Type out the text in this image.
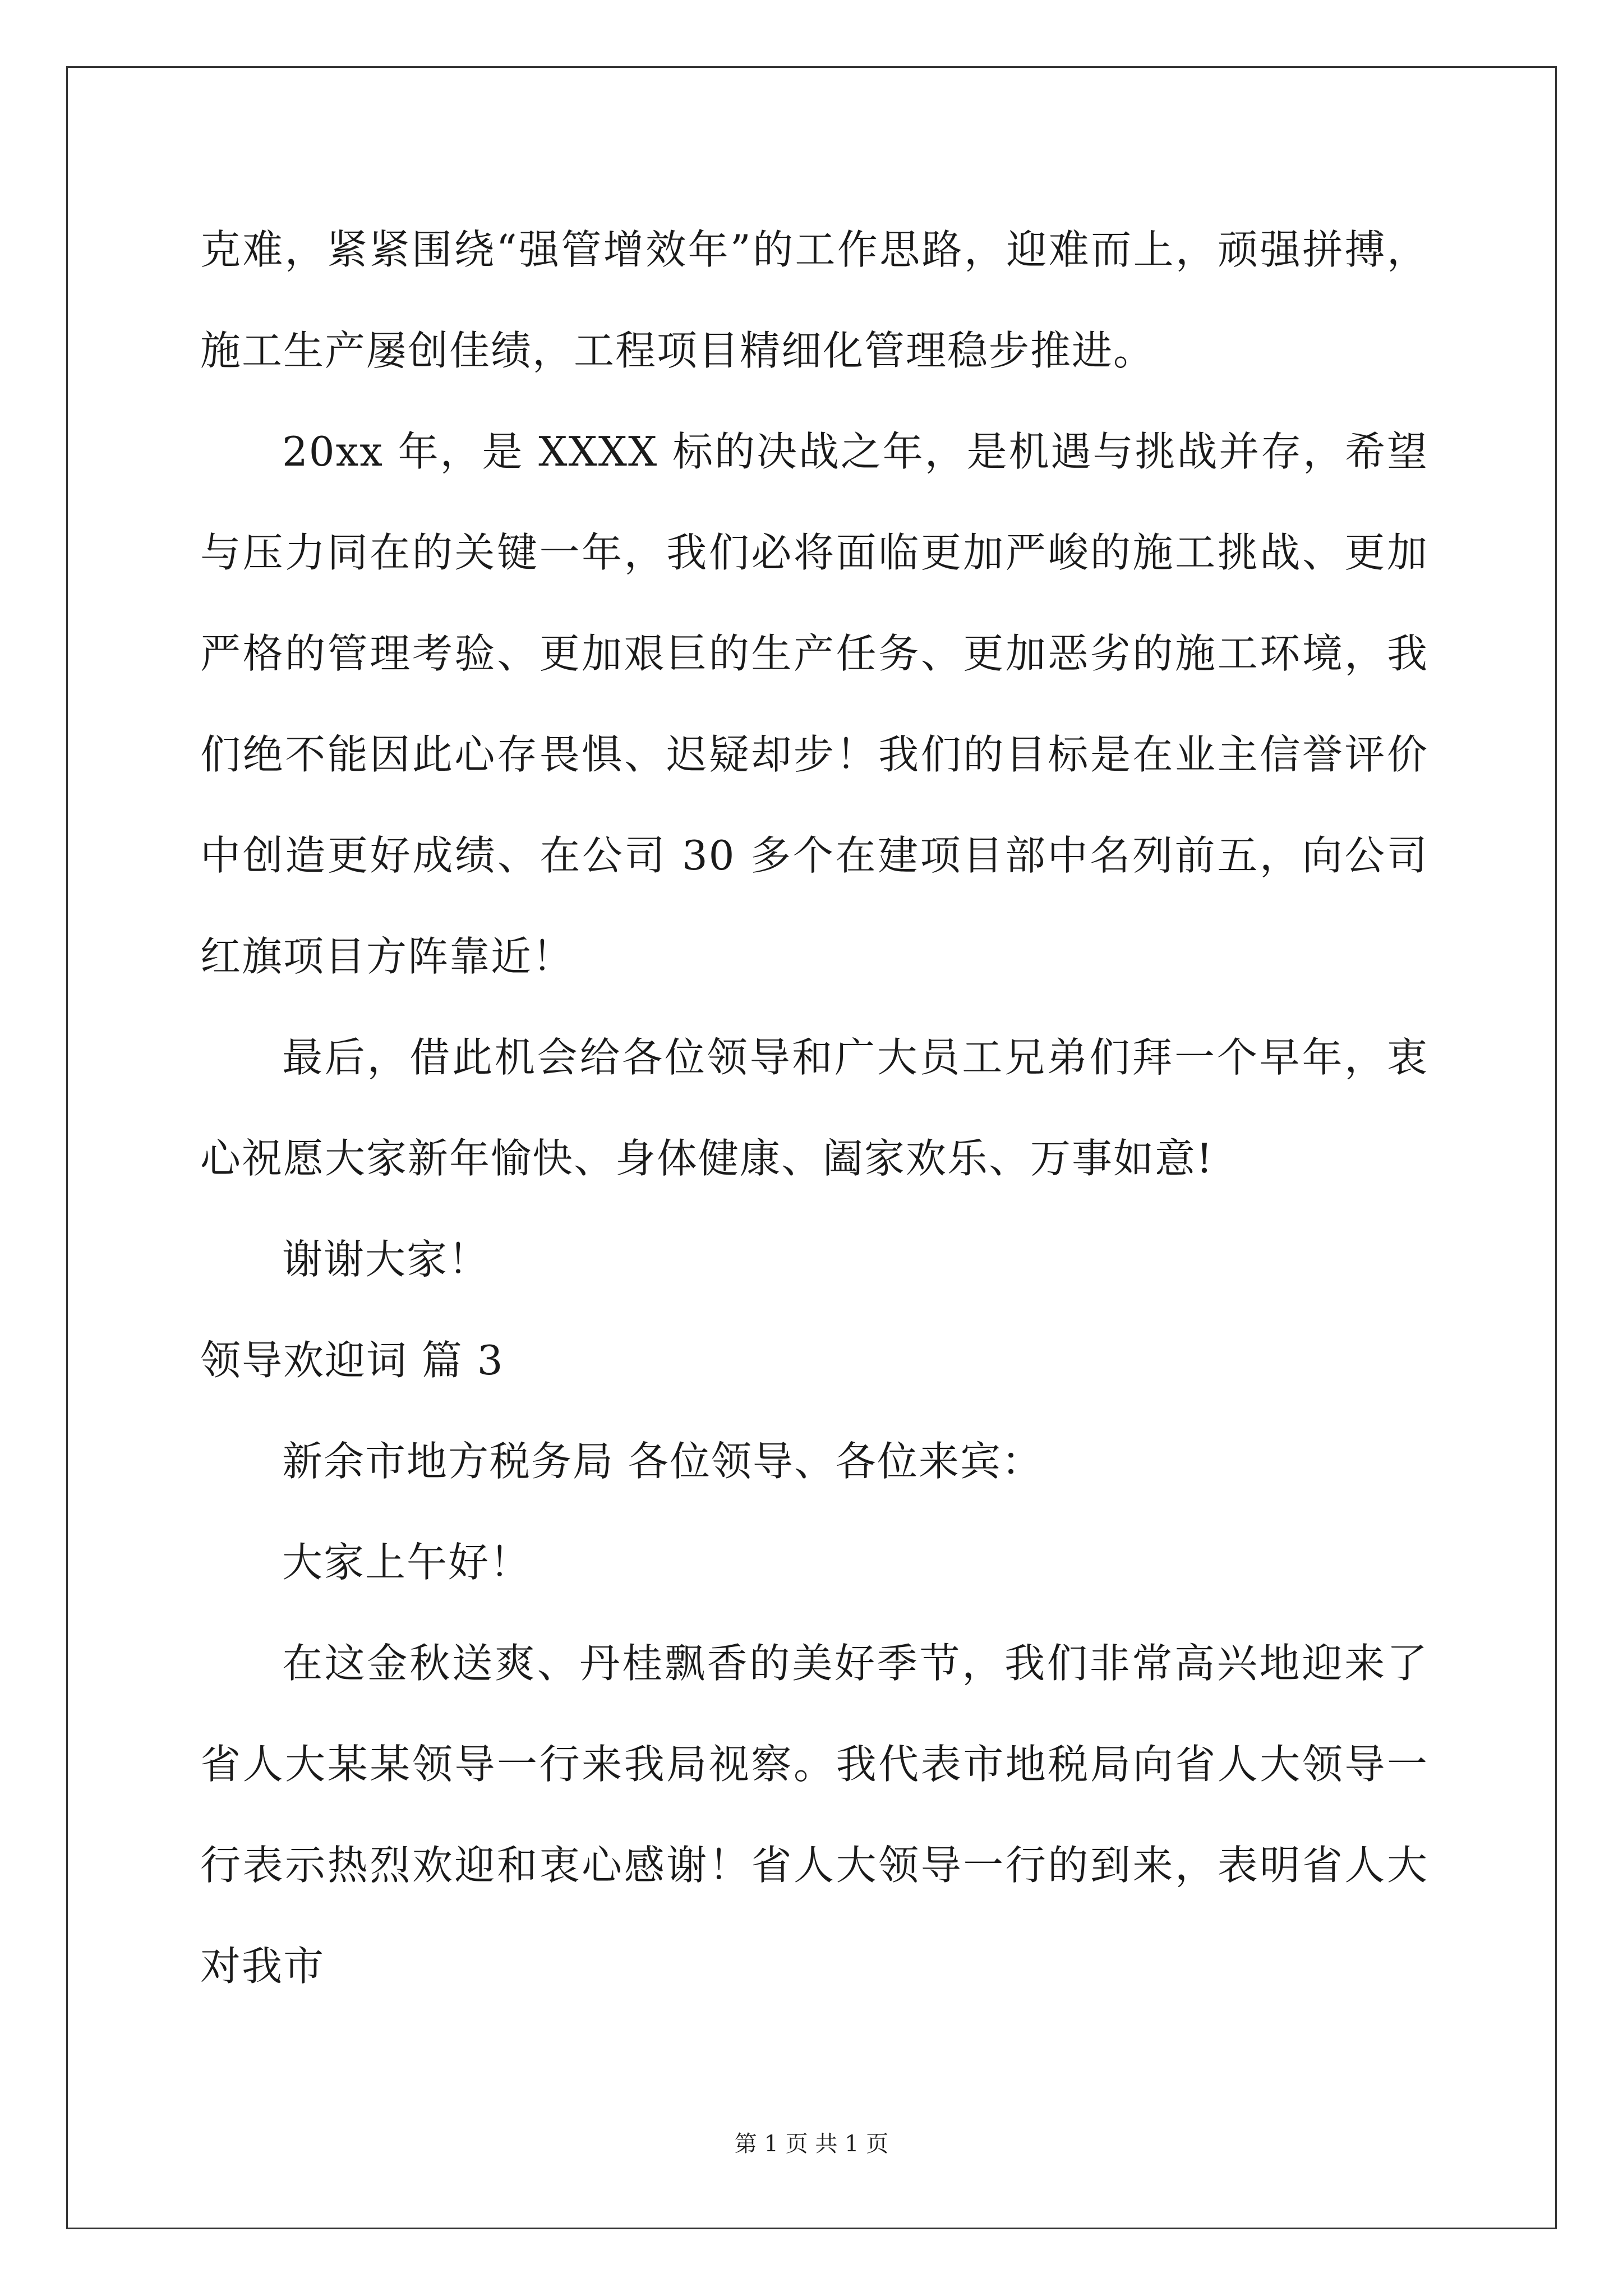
克难，紧紧围绕“强管增效年”的工作思路，迎难而上，顽强拼搏，施工生产屡创佳绩，工程项目精细化管理稳步推进。

20xx 年，是 XXXX 标的决战之年，是机遇与挑战并存，希望与压力同在的关键一年，我们必将面临更加严峻的施工挑战、更加严格的管理考验、更加艰巨的生产任务、更加恶劣的施工环境，我们绝不能因此心存畏惧、迟疑却步！我们的目标是在业主信誉评价中创造更好成绩、在公司 30 多个在建项目部中名列前五，向公司红旗项目方阵靠近！

最后，借此机会给各位领导和广大员工兄弟们拜一个早年，衷心祝愿大家新年愉快、身体健康、阖家欢乐、万事如意!

谢谢大家！

领导欢迎词 篇 3

新余市地方税务局 各位领导、各位来宾：

大家上午好！

在这金秋送爽、丹桂飘香的美好季节，我们非常高兴地迎来了省人大某某领导一行来我局视察。我代表市地税局向省人大领导一行表示热烈欢迎和衷心感谢！省人大领导一行的到来，表明省人大对我市

第 1 页 共 1 页
